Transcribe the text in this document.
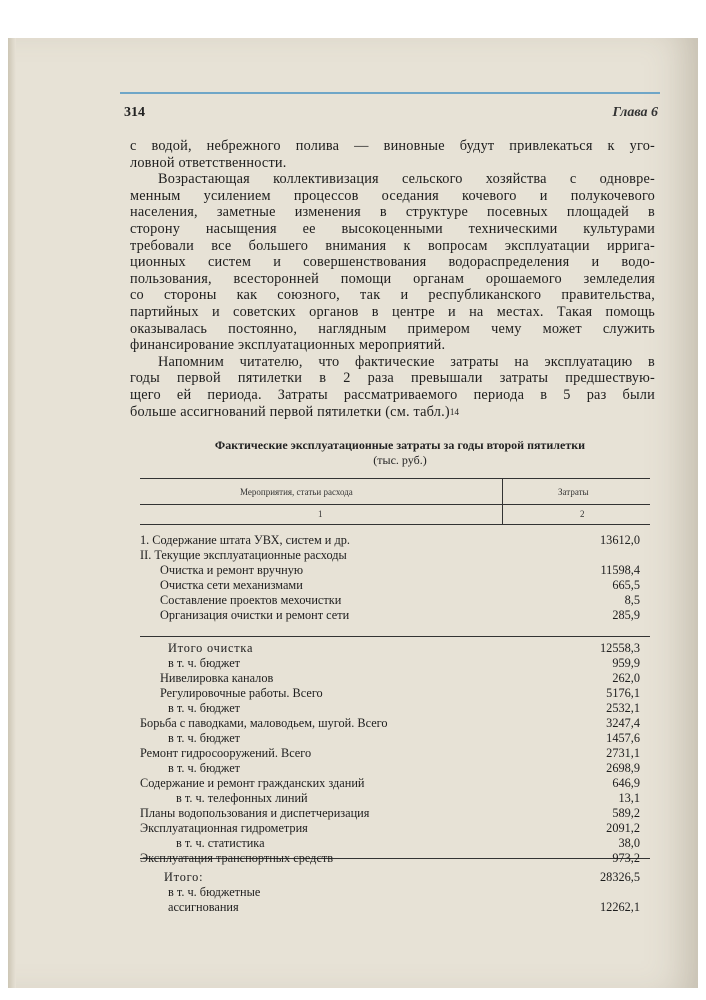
314	Глава 6
с водой, небрежного полива — виновные будут привлекаться к уго-
ловной ответственности.
Возрастающая коллективизация сельского хозяйства с одновре-
менным усилением процессов оседания кочевого и полукочевого
населения, заметные изменения в структуре посевных площадей в
сторону насыщения ее высокоценными техническими культурами
требовали все большего внимания к вопросам эксплуатации ирригa-
ционных систем и совершенствования водораспределения и водо-
пользования, всесторонней помощи органам орошаемого земледелия
со стороны как союзного, так и республиканского правительства,
партийных и советских органов в центре и на местах. Такая помощь
оказывалась постоянно, наглядным примером чему может служить
финансирование эксплуатационных мероприятий.
Напомним читателю, что фактические затраты на эксплуатацию в
годы первой пятилетки в 2 раза превышали затраты предшествую-
щего ей периода. Затраты рассматриваемого периода в 5 раз были
больше ассигнований первой пятилетки (см. табл.)$^{14}$
Фактические эксплуатационные затраты за годы второй пятилетки
(тыс. руб.)
Мероприятия, статьи расхода	Затраты
1	2
1. Содержание штата УВХ, систем и др.	13612,0
II. Текущие эксплуатационные расходы
Очистка и ремонт вручную	11598,4
Очистка сети механизмами	665,5
Составление проектов мехочистки	8,5
Организация очистки и ремонт сети	285,9
Итого очистка	12558,3
в т. ч. бюджет	959,9
Нивелировка каналов	262,0
Регулировочные работы. Всего	5176,1
в т. ч. бюджет	2532,1
Борьба с паводками, маловодьем, шугой. Всего	3247,4
в т. ч. бюджет	1457,6
Ремонт гидросооружений. Всего	2731,1
в т. ч. бюджет	2698,9
Содержание и ремонт гражданских зданий	646,9
в т. ч. телефонных линий	13,1
Планы водопользования и диспетчеризация	589,2
Эксплуатационная гидрометрия	2091,2
в т. ч. статистика	38,0
Эксплуатация транспортных средств	973,2
Итого:	28326,5
в т. ч. бюджетные
ассигнования	12262,1
